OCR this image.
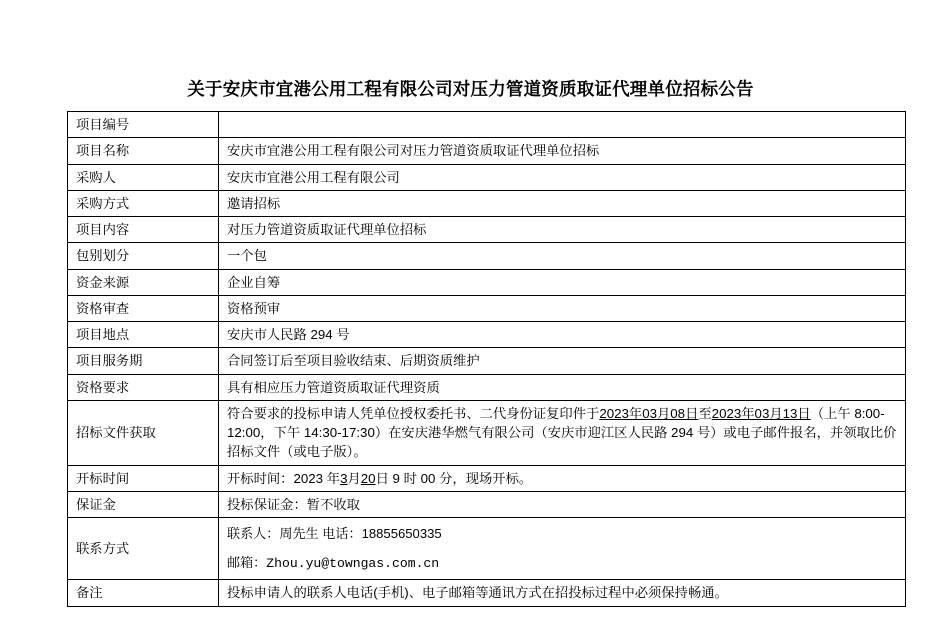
关于安庆市宜港公用工程有限公司对压力管道资质取证代理单位招标公告
项目编号	
项目名称	安庆市宜港公用工程有限公司对压力管道资质取证代理单位招标
采购人	安庆市宜港公用工程有限公司
采购方式	邀请招标
项目内容	对压力管道资质取证代理单位招标
包别划分	一个包
资金来源	企业自筹
资格审查	资格预审
项目地点	安庆市人民路 294 号
项目服务期	合同签订后至项目验收结束、后期资质维护
资格要求	具有相应压力管道资质取证代理资质
招标文件获取	符合要求的投标申请人凭单位授权委托书、二代身份证复印件于2023年03月08日至2023年03月13日（上午 8:00-12:00，下午 14:30-17:30）在安庆港华燃气有限公司（安庆市迎江区人民路 294 号）或电子邮件报名，并领取比价招标文件（或电子版）。
开标时间	开标时间：2023 年3月20日 9 时 00 分，现场开标。
保证金	投标保证金：暂不收取
联系方式	联系人：周先生 电话：18855650335

邮箱：Zhou.yu@towngas.com.cn

备注	投标申请人的联系人电话(手机)、电子邮箱等通讯方式在招投标过程中必须保持畅通。
